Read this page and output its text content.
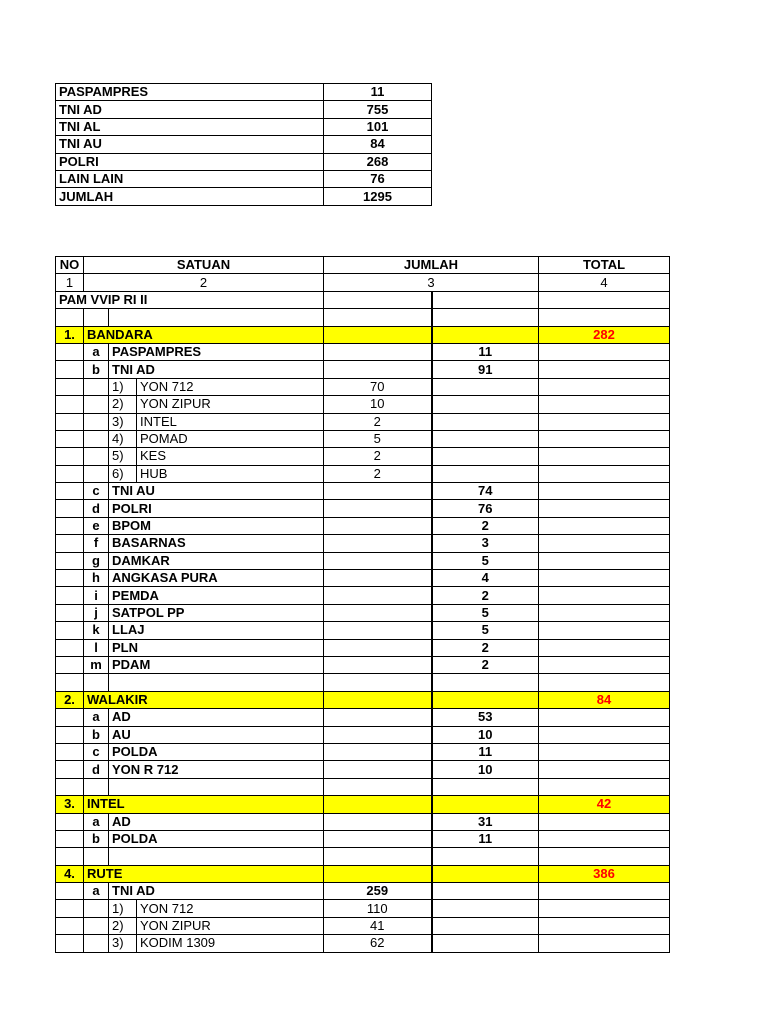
PASPAMPRES	11
TNI AD	755
TNI AL	101
TNI AU	84
POLRI	268
LAIN LAIN	76
JUMLAH	1295
NO	SATUAN			JUMLAH		TOTAL
1	2			3		4
PAM VVIP RI II						

1.	BANDARA					282
	a	PASPAMPRES			11	
	b	TNI AD			91	
		1)	YON 712	70		
		2)	YON ZIPUR	10		
		3)	INTEL	2		
		4)	POMAD	5		
		5)	KES	2		
		6)	HUB	2		
	c	TNI AU			74	
	d	POLRI			76	
	e	BPOM			2	
	f	BASARNAS			3	
	g	DAMKAR			5	
	h	ANGKASA PURA			4	
	i	PEMDA			2	
	j	SATPOL PP			5	
	k	LLAJ			5	
	l	PLN			2	
	m	PDAM			2	

2.	WALAKIR					84
	a	AD			53	
	b	AU			10	
	c	POLDA			11	
	d	YON R 712			10	

3.	INTEL					42
	a	AD			31	
	b	POLDA			11	

4.	RUTE					386
	a	TNI AD		259		
		1)	YON 712	110		
		2)	YON ZIPUR	41		
		3)	KODIM 1309	62		
